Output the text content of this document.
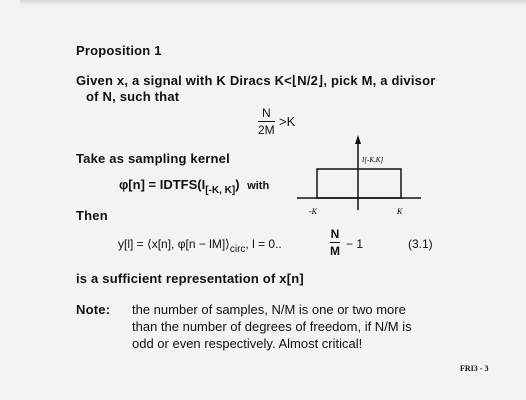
Proposition 1
Given x, a signal with K Diracs K<⌊N/2⌋, pick M, a divisor
of N, such that
N
2M
>K
Take as sampling kernel
$\varphi[n] = IDTFS(I_{[-K, K]})$ with
I[-K,K]
-K	K
Then
y[l] = ⟨x[n], $\varphi[n - lM]⟩_{circ}$, l = 0..
N
M − 1	(3.1)
is a sufficient representation of x[n]
Note: the number of samples, N/M is one or two more
than the number of degrees of freedom, if N/M is
odd or even respectively. Almost critical!
FRI3 - 3
